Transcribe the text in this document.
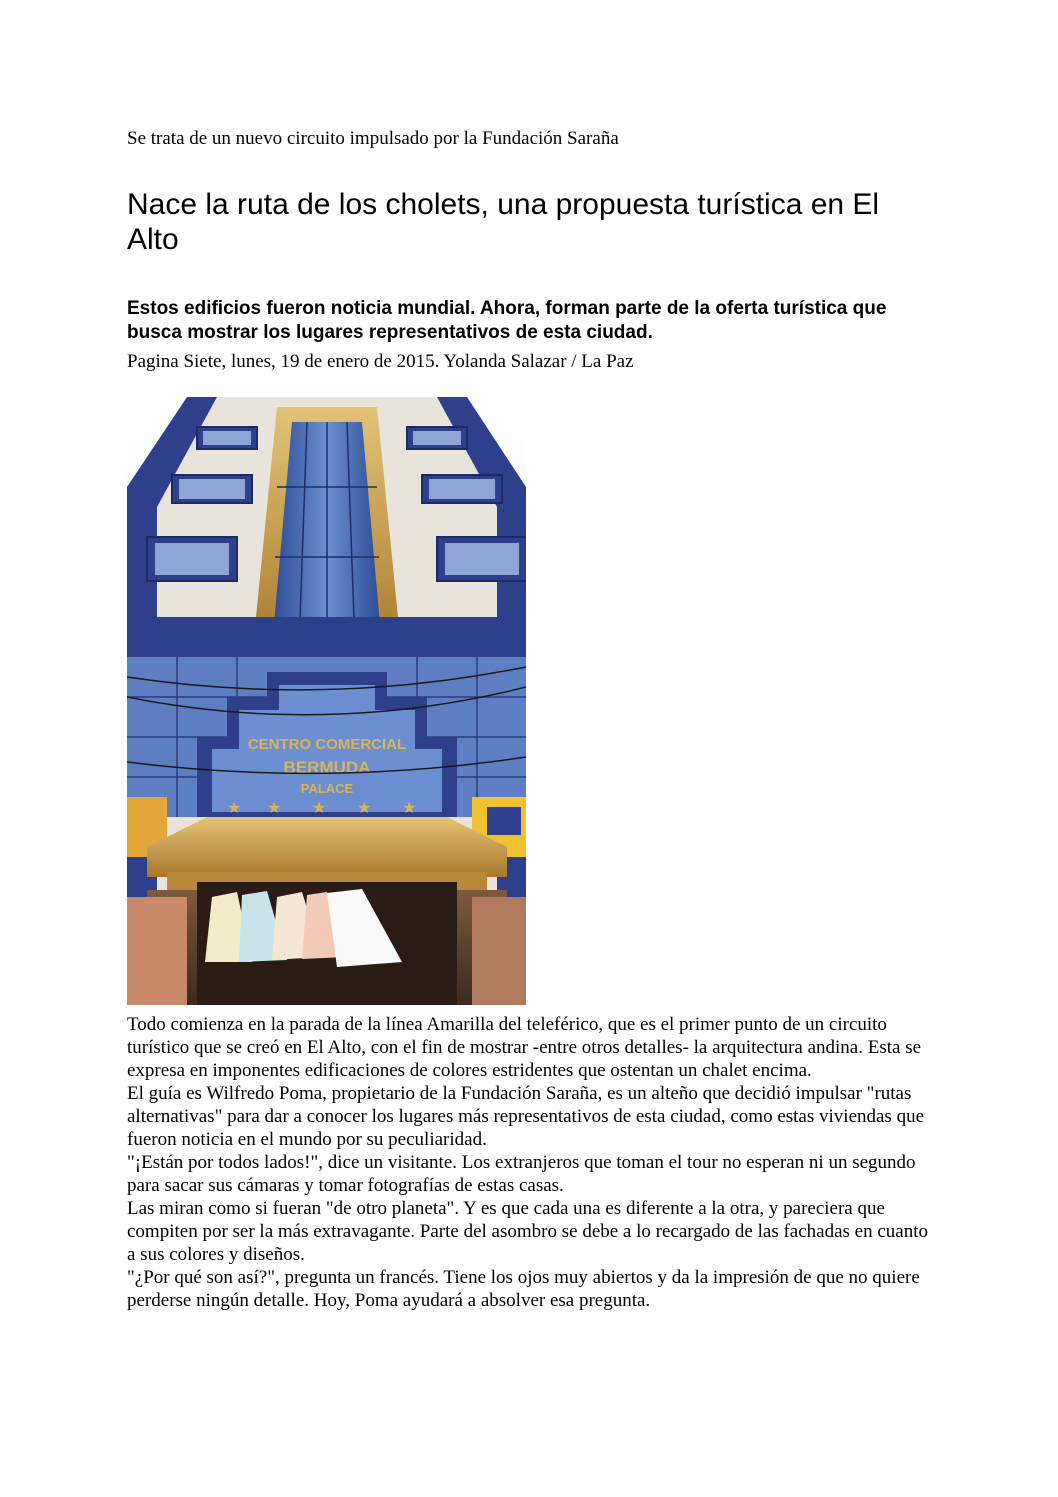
Se trata de un nuevo circuito impulsado por la Fundación Saraña
Nace la ruta de los cholets, una propuesta turística en El Alto

Estos edificios fueron noticia mundial. Ahora, forman parte de la oferta turística que busca mostrar los lugares representativos de esta ciudad.

Pagina Siete, lunes, 19 de enero de 2015. Yolanda Salazar / La Paz
CENTRO COMERCIAL
BERMUDA
PALACE
★ ★ ★ ★ ★

Todo comienza en la parada de la línea Amarilla del teleférico, que es el primer punto de un circuito turístico que se creó en El Alto, con el fin de mostrar -entre otros detalles- la arquitectura andina. Esta se expresa en imponentes edificaciones de colores estridentes que ostentan un chalet encima.

El guía es Wilfredo Poma, propietario de la Fundación Saraña, es un alteño que decidió impulsar "rutas alternativas" para dar a conocer los lugares más representativos de esta ciudad, como estas viviendas que fueron noticia en el mundo por su peculiaridad.

"¡Están por todos lados!", dice un visitante. Los extranjeros que toman el tour no esperan ni un segundo para sacar sus cámaras y tomar fotografías de estas casas.

Las miran como si fueran "de otro planeta". Y es que cada una es diferente a la otra, y pareciera que compiten por ser la más extravagante. Parte del asombro se debe a lo recargado de las fachadas en cuanto a sus colores y diseños.

"¿Por qué son así?", pregunta un francés. Tiene los ojos muy abiertos y da la impresión de que no quiere perderse ningún detalle. Hoy, Poma ayudará a absolver esa pregunta.
